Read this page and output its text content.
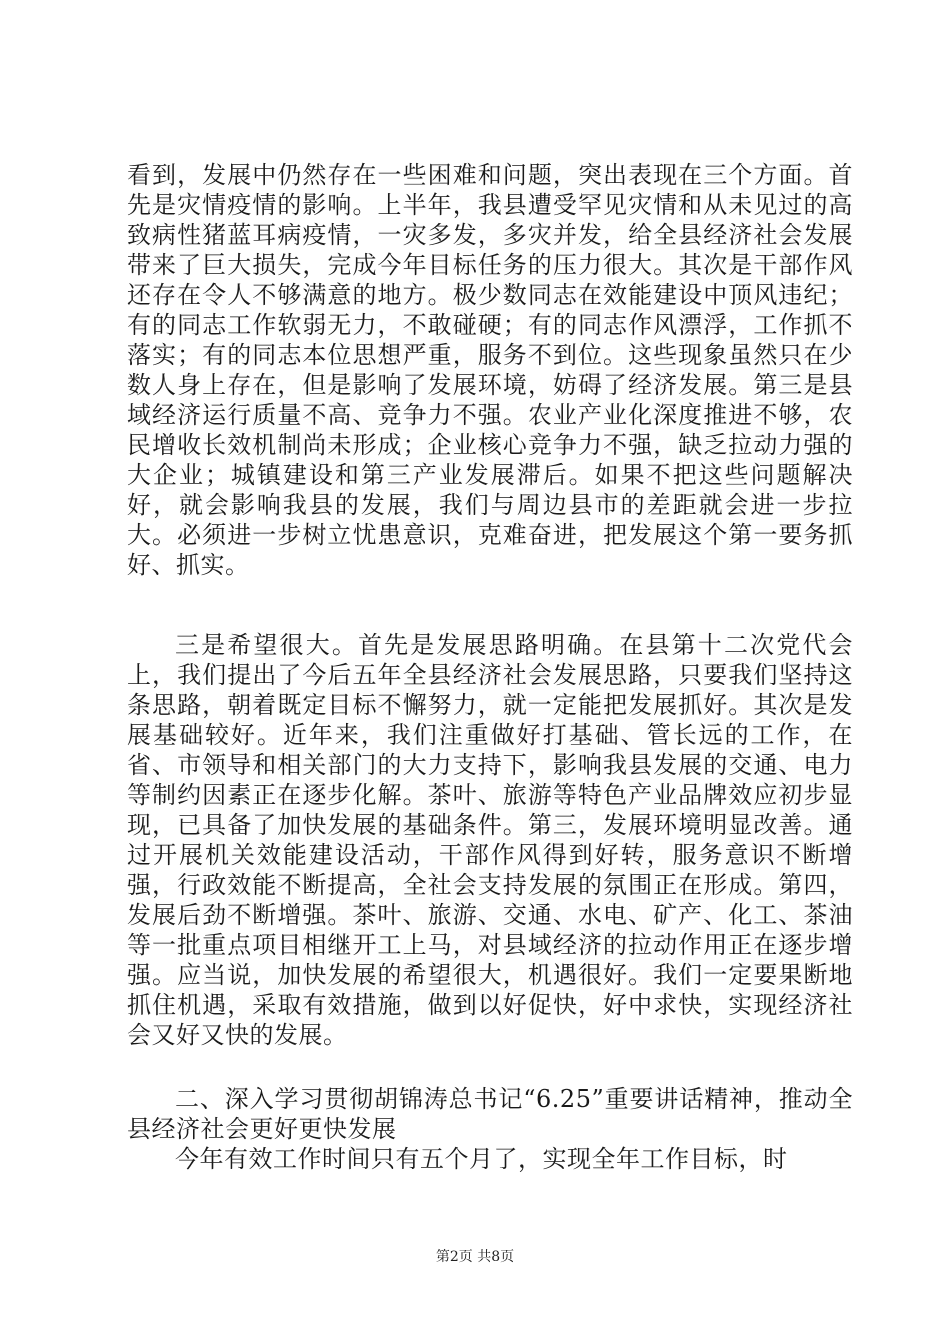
看到，发展中仍然存在一些困难和问题，突出表现在三个方面。首先是灾情疫情的影响。上半年，我县遭受罕见灾情和从未见过的高致病性猪蓝耳病疫情，一灾多发，多灾并发，给全县经济社会发展带来了巨大损失，完成今年目标任务的压力很大。其次是干部作风还存在令人不够满意的地方。极少数同志在效能建设中顶风违纪；有的同志工作软弱无力，不敢碰硬；有的同志作风漂浮，工作抓不落实；有的同志本位思想严重，服务不到位。这些现象虽然只在少数人身上存在，但是影响了发展环境，妨碍了经济发展。第三是县域经济运行质量不高、竞争力不强。农业产业化深度推进不够，农民增收长效机制尚未形成；企业核心竞争力不强，缺乏拉动力强的大企业；城镇建设和第三产业发展滞后。如果不把这些问题解决好，就会影响我县的发展，我们与周边县市的差距就会进一步拉大。必须进一步树立忧患意识，克难奋进，把发展这个第一要务抓好、抓实。

三是希望很大。首先是发展思路明确。在县第十二次党代会上，我们提出了今后五年全县经济社会发展思路，只要我们坚持这条思路，朝着既定目标不懈努力，就一定能把发展抓好。其次是发展基础较好。近年来，我们注重做好打基础、管长远的工作，在省、市领导和相关部门的大力支持下，影响我县发展的交通、电力等制约因素正在逐步化解。茶叶、旅游等特色产业品牌效应初步显现，已具备了加快发展的基础条件。第三，发展环境明显改善。通过开展机关效能建设活动，干部作风得到好转，服务意识不断增强，行政效能不断提高，全社会支持发展的氛围正在形成。第四，发展后劲不断增强。茶叶、旅游、交通、水电、矿产、化工、茶油等一批重点项目相继开工上马，对县域经济的拉动作用正在逐步增强。应当说，加快发展的希望很大，机遇很好。我们一定要果断地抓住机遇，采取有效措施，做到以好促快，好中求快，实现经济社会又好又快的发展。

二、深入学习贯彻胡锦涛总书记“6.25”重要讲话精神，推动全县经济社会更好更快发展

今年有效工作时间只有五个月了，实现全年工作目标，时

第2页 共8页
